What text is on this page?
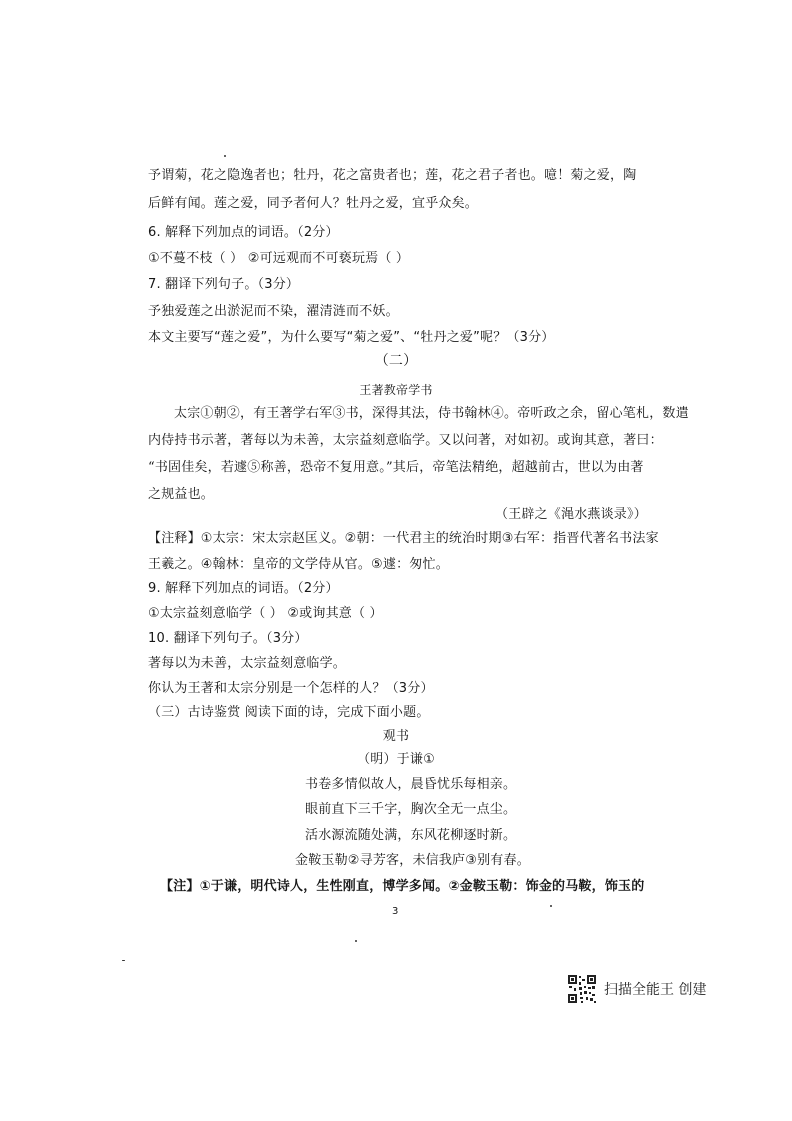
予谓菊，花之隐逸者也；牡丹，花之富贵者也；莲，花之君子者也。噫！菊之爱，陶
后鲜有闻。莲之爱，同予者何人？牡丹之爱，宜乎众矣。
6. 解释下列加点的词语。（2分）
①不蔓不枝（ ） ②可远观而不可亵玩焉（ ）
7. 翻译下列句子。（3分）
予独爱莲之出淤泥而不染，濯清涟而不妖。
本文主要写“莲之爱”，为什么要写“菊之爱”、“牡丹之爱”呢？（3分）
（二）
王著教帝学书
太宗①朝②，有王著学右军③书，深得其法，侍书翰林④。帝听政之余，留心笔札，数遣
内侍持书示著，著每以为未善，太宗益刻意临学。又以问著，对如初。或询其意，著曰：
“书固佳矣，若遽⑤称善，恐帝不复用意。”其后，帝笔法精绝，超越前古，世以为由著
之规益也。
（王辟之《渑水燕谈录》）
【注释】①太宗：宋太宗赵匡义。②朝：一代君主的统治时期③右军：指晋代著名书法家
王羲之。④翰林：皇帝的文学侍从官。⑤遽：匆忙。
9. 解释下列加点的词语。（2分）
①太宗益刻意临学（ ） ②或询其意（ ）
10. 翻译下列句子。（3分）
著每以为未善，太宗益刻意临学。
你认为王著和太宗分别是一个怎样的人？（3分）
（三）古诗鉴赏 阅读下面的诗，完成下面小题。
观书
（明）于谦①
书卷多情似故人，晨昏忧乐每相亲。
眼前直下三千字，胸次全无一点尘。
活水源流随处满，东风花柳逐时新。
金鞍玉勒②寻芳客，未信我庐③别有春。
【注】①于谦，明代诗人，生性刚直，博学多闻。②金鞍玉勒：饰金的马鞍，饰玉的
3
扫描全能王 创建
